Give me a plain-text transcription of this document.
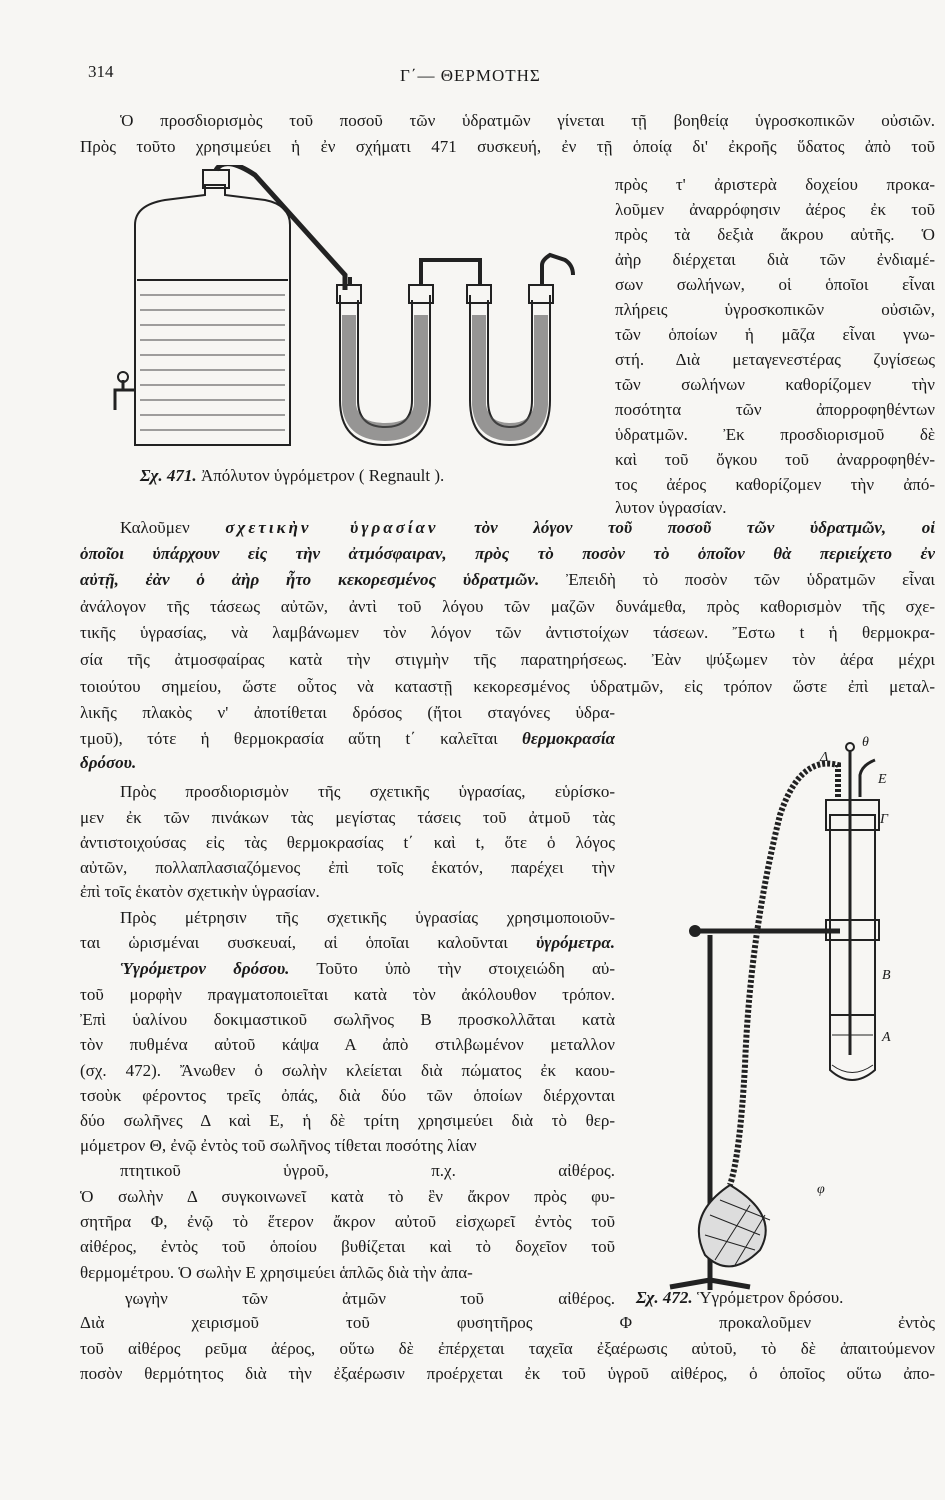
314	Γ΄— ΘΕΡΜΟΤΗΣ
Ὁ προσδιορισμὸς τοῦ ποσοῦ τῶν ὑδρατμῶν γίνεται τῇ βοηθείᾳ ὑγροσκοπικῶν οὐσιῶν.
Πρὸς τοῦτο χρησιμεύει ἡ ἐν σχήματι 471 συσκευή, ἐν τῇ ὁποίᾳ δι' ἐκροῆς ὕδατος ἀπὸ τοῦ
πρὸς τ' ἀριστερὰ δοχείου προκα-
λοῦμεν ἀναρρόφησιν ἀέρος ἐκ τοῦ
πρὸς τὰ δεξιὰ ἄκρου αὐτῆς. Ὁ
ἀὴρ διέρχεται διὰ τῶν ἐνδιαμέ-
σων σωλήνων, οἱ ὁποῖοι εἶναι
πλήρεις ὑγροσκοπικῶν οὐσιῶν,
τῶν ὁποίων ἡ μᾶζα εἶναι γνω-
στή. Διὰ μεταγενεστέρας ζυγίσεως
τῶν σωλήνων καθορίζομεν τὴν
ποσότητα τῶν ἀπορροφηθέντων
ὑδρατμῶν. Ἐκ προσδιορισμοῦ δὲ
καὶ τοῦ ὄγκου τοῦ ἀναρροφηθέν-
τος ἀέρος καθορίζομεν τὴν ἀπό-
λυτον ὑγρασίαν.
Καλοῦμεν σχετικὴν ὑγρασίαν τὸν λόγον τοῦ ποσοῦ τῶν ὑδρατμῶν, οἱ
ὁποῖοι ὑπάρχουν εἰς τὴν ἀτμόσφαιραν, πρὸς τὸ ποσὸν τὸ ὁποῖον θὰ περιείχετο ἐν
αὐτῇ, ἐὰν ὁ ἀὴρ ἦτο κεκορεσμένος ὑδρατμῶν. Ἐπειδὴ τὸ ποσὸν τῶν ὑδρατμῶν εἶναι
ἀνάλογον τῆς τάσεως αὐτῶν, ἀντὶ τοῦ λόγου τῶν μαζῶν δυνάμεθα, πρὸς καθορισμὸν τῆς σχε-
τικῆς ὑγρασίας, νὰ λαμβάνωμεν τὸν λόγον τῶν ἀντιστοίχων τάσεων. Ἔστω t ἡ θερμοκρα-
σία τῆς ἀτμοσφαίρας κατὰ τὴν στιγμὴν τῆς παρατηρήσεως. Ἐὰν ψύξωμεν τὸν ἀέρα μέχρι
τοιούτου σημείου, ὥστε οὗτος νὰ καταστῇ κεκορεσμένος ὑδρατμῶν, εἰς τρόπον ὥστε ἐπὶ μεταλ-
λικῆς πλακὸς ν' ἀποτίθεται δρόσος (ἤτοι σταγόνες ὑδρα-
τμοῦ), τότε ἡ θερμοκρασία αὕτη t΄ καλεῖται θερμοκρασία
δρόσου.
Πρὸς προσδιορισμὸν τῆς σχετικῆς ὑγρασίας, εὑρίσκο-
μεν ἐκ τῶν πινάκων τὰς μεγίστας τάσεις τοῦ ἀτμοῦ τὰς
ἀντιστοιχούσας εἰς τὰς θερμοκρασίας t΄ καὶ t, ὅτε ὁ λόγος
αὐτῶν, πολλαπλασιαζόμενος ἐπὶ τοῖς ἑκατόν, παρέχει τὴν
ἐπὶ τοῖς ἑκατὸν σχετικὴν ὑγρασίαν.
Πρὸς μέτρησιν τῆς σχετικῆς ὑγρασίας χρησιμοποιοῦν-
ται ὡρισμέναι συσκευαί, αἱ ὁποῖαι καλοῦνται ὑγρόμετρα.
Ὑγρόμετρον δρόσου. Τοῦτο ὑπὸ τὴν στοιχειώδη αὐ-
τοῦ μορφὴν πραγματοποιεῖται κατὰ τὸν ἀκόλουθον τρόπον.
Ἐπὶ ὑαλίνου δοκιμαστικοῦ σωλῆνος Β προσκολλᾶται κατὰ
τὸν πυθμένα αὐτοῦ κάψα Α ἀπὸ στιλβωμένον μεταλλον
(σχ. 472). Ἄνωθεν ὁ σωλὴν κλείεται διὰ πώματος ἐκ καου-
τσοὺκ φέροντος τρεῖς ὀπάς, διὰ δύο τῶν ὁποίων διέρχονται
δύο σωλῆνες Δ καὶ Ε, ἡ δὲ τρίτη χρησιμεύει διὰ τὸ θερ-
μόμετρον Θ, ἐνῷ ἐντὸς τοῦ σωλῆνος τίθεται ποσότης λίαν
πτητικοῦ ὑγροῦ, π.χ. αἰθέρος.
Ὁ σωλὴν Δ συγκοινωνεῖ κατὰ τὸ ἓν ἄκρον πρὸς φυ-
σητῆρα Φ, ἐνῷ τὸ ἕτερον ἄκρον αὐτοῦ εἰσχωρεῖ ἐντὸς τοῦ
αἰθέρος, ἐντὸς τοῦ ὁποίου βυθίζεται καὶ τὸ δοχεῖον τοῦ
θερμομέτρου. Ὁ σωλὴν Ε χρησιμεύει ἁπλῶς διὰ τὴν ἀπα-
γωγὴν τῶν ἀτμῶν τοῦ αἰθέρος.
Διὰ χειρισμοῦ τοῦ φυσητῆρος Φ προκαλοῦμεν ἐντὸς
τοῦ αἰθέρος ρεῦμα ἀέρος, οὕτω δὲ ἐπέρχεται ταχεῖα ἐξαέρωσις αὐτοῦ, τὸ δὲ ἀπαιτούμενον
ποσὸν θερμότητος διὰ τὴν ἐξαέρωσιν προέρχεται ἐκ τοῦ ὑγροῦ αἰθέρος, ὁ ὁποῖος οὕτω ἀπο-
Σχ. 471. Ἀπόλυτον ὑγρόμετρον ( Regnault ).
θ
Δ
E
Γ
B
A
φ
Σχ. 472. Ὑγρόμετρον δρόσου.
